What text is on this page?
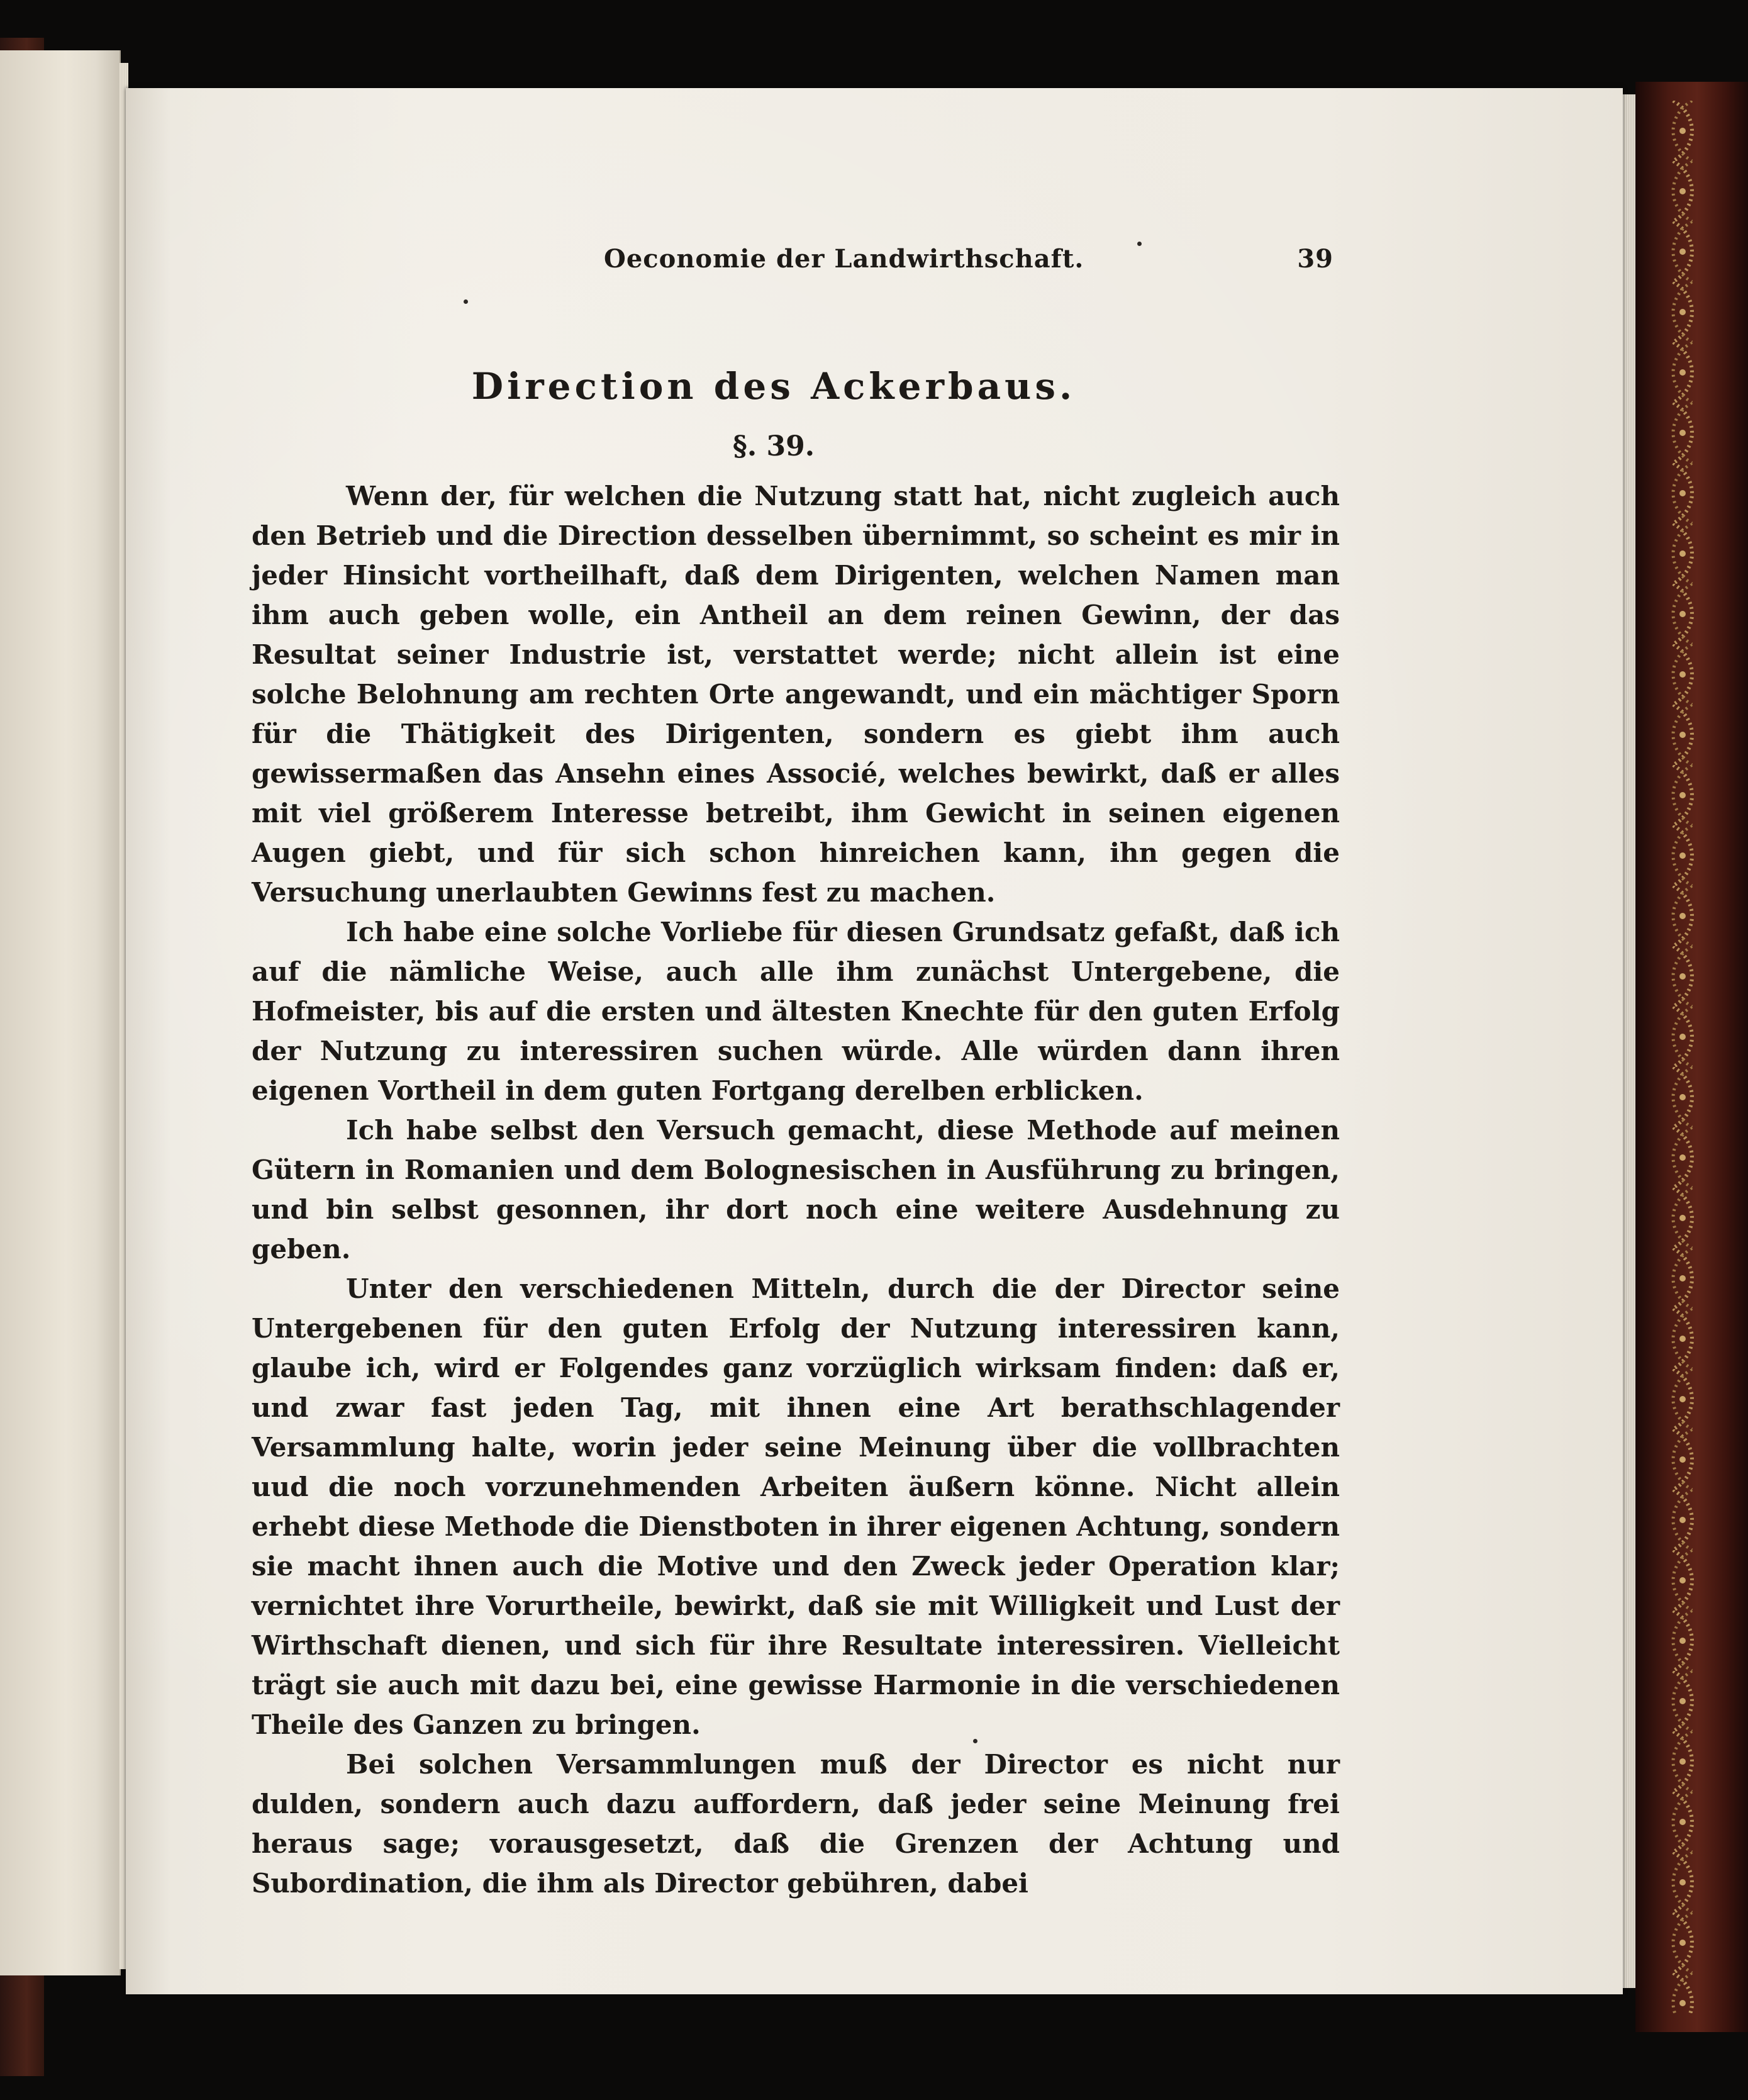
Oeconomie der Landwirthschaft.	39
Direction des Ackerbaus.
§. 39.

Wenn der, für welchen die Nutzung statt hat, nicht zugleich auch den Betrieb und die Direction desselben übernimmt, so scheint es mir in jeder Hinsicht vortheilhaft, daß dem Dirigenten, welchen Namen man ihm auch geben wolle, ein Antheil an dem reinen Gewinn, der das Resultat seiner Industrie ist, verstattet werde; nicht allein ist eine solche Belohnung am rechten Orte angewandt, und ein mächtiger Sporn für die Thätigkeit des Dirigenten, sondern es giebt ihm auch gewissermaßen das Ansehn eines Associé, welches bewirkt, daß er alles mit viel größerem Interesse betreibt, ihm Gewicht in seinen eigenen Augen giebt, und für sich schon hinreichen kann, ihn gegen die Versuchung unerlaubten Gewinns fest zu machen.

Ich habe eine solche Vorliebe für diesen Grundsatz gefaßt, daß ich auf die nämliche Weise, auch alle ihm zunächst Untergebene, die Hofmeister, bis auf die ersten und ältesten Knechte für den guten Erfolg der Nutzung zu interessiren suchen würde. Alle würden dann ihren eigenen Vortheil in dem guten Fortgang derelben erblicken.

Ich habe selbst den Versuch gemacht, diese Methode auf meinen Gütern in Romanien und dem Bolognesischen in Ausführung zu bringen, und bin selbst gesonnen, ihr dort noch eine weitere Ausdehnung zu geben.

Unter den verschiedenen Mitteln, durch die der Director seine Untergebenen für den guten Erfolg der Nutzung interessiren kann, glaube ich, wird er Folgendes ganz vorzüglich wirksam finden: daß er, und zwar fast jeden Tag, mit ihnen eine Art berathschlagender Versammlung halte, worin jeder seine Meinung über die vollbrachten uud die noch vorzunehmenden Arbeiten äußern könne. Nicht allein erhebt diese Methode die Dienstboten in ihrer eigenen Achtung, sondern sie macht ihnen auch die Motive und den Zweck jeder Operation klar; vernichtet ihre Vorurtheile, bewirkt, daß sie mit Willigkeit und Lust der Wirthschaft dienen, und sich für ihre Resultate interessiren. Vielleicht trägt sie auch mit dazu bei, eine gewisse Harmonie in die verschiedenen Theile des Ganzen zu bringen.

Bei solchen Versammlungen muß der Director es nicht nur dulden, sondern auch dazu auffordern, daß jeder seine Meinung frei heraus sage; vorausgesetzt, daß die Grenzen der Achtung und Subordination, die ihm als Director gebühren, dabei
